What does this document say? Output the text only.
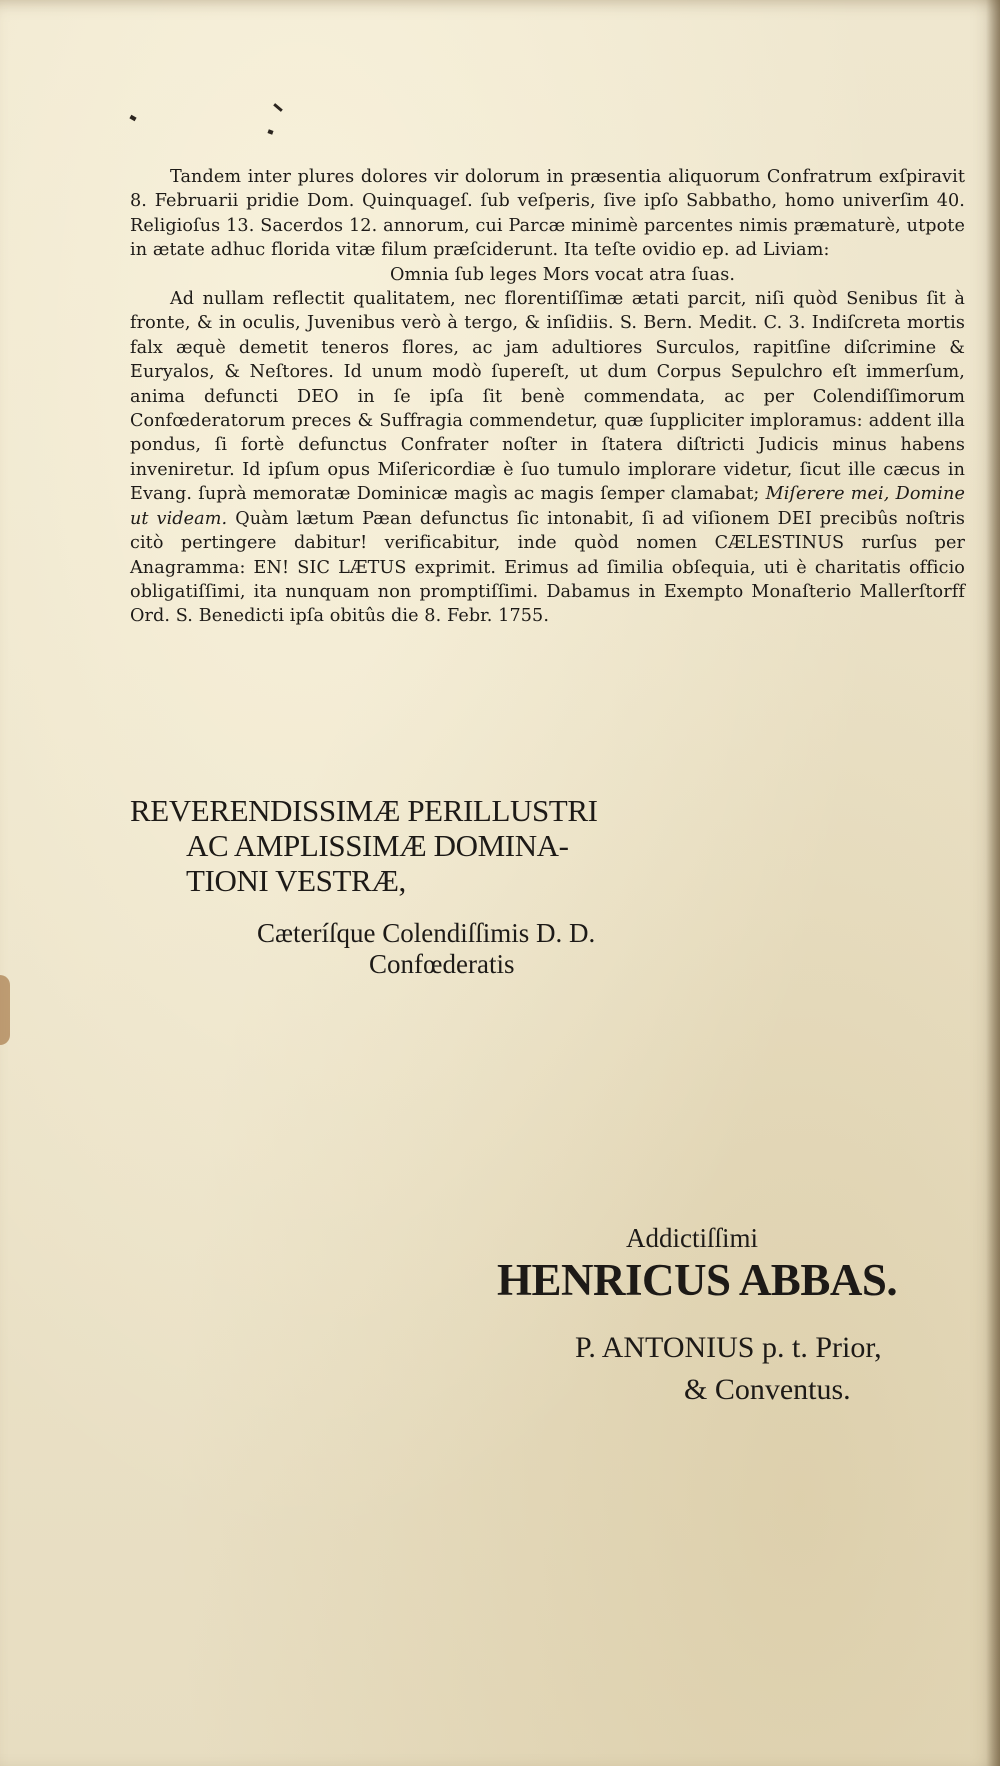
Tandem inter plures dolores vir dolorum in præsentia aliquorum Confratrum exſpiravit 8. Februarii pridie Dom. Quinquageſ. ſub veſperis, ſive ipſo Sabbatho, homo univerſim 40. Religioſus 13. Sacerdos 12. annorum, cui Parcæ minimè parcentes nimis præmaturè, utpote in ætate adhuc florida vitæ filum præſciderunt. Ita teſte ovidio ep. ad Liviam:

Omnia ſub leges Mors vocat atra ſuas.

Ad nullam reflectit qualitatem, nec florentiſſimæ ætati parcit, niſi quòd Senibus ſit à fronte, & in oculis, Juvenibus verò à tergo, & inſidiis. S. Bern. Medit. C. 3. Indiſcreta mortis falx æquè demetit teneros flores, ac jam adultiores Surculos, rapitſine diſcrimine & Euryalos, & Neſtores. Id unum modò ſupereſt, ut dum Corpus Sepulchro eſt immerſum, anima defuncti DEO in ſe ipſa ſit benè commendata, ac per Colendiſſimorum Confœderatorum preces & Suffragia commendetur, quæ ſuppliciter imploramus: addent illa pondus, ſi fortè defunctus Confrater noſter in ſtatera diſtricti Judicis minus habens inveniretur. Id ipſum opus Miſericordiæ è ſuo tumulo implorare videtur, ſicut ille cæcus in Evang. ſuprà memoratæ Dominicæ magìs ac magis ſemper clamabat; Miſerere mei, Domine ut videam. Quàm lætum Pæan defunctus ſic intonabit, ſi ad viſionem DEI precibûs noſtris citò pertingere dabitur! verificabitur, inde quòd nomen CÆLESTINUS rurſus per Anagramma: EN! SIC LÆTUS exprimit. Erimus ad ſimilia obſequia, uti è charitatis officio obligatiſſimi, ita nunquam non promptiſſimi. Dabamus in Exempto Monaſterio Mallerſtorff Ord. S. Benedicti ipſa obitûs die 8. Febr. 1755.

REVERENDISSIMÆ PERILLUSTRI
AC AMPLISSIMÆ DOMINA-
TIONI VESTRÆ,
Cæteríſque Colendiſſimis D. D.
Confœderatis
Addictiſſimi
HENRICUS ABBAS.
P. ANTONIUS p. t. Prior,
& Conventus.
